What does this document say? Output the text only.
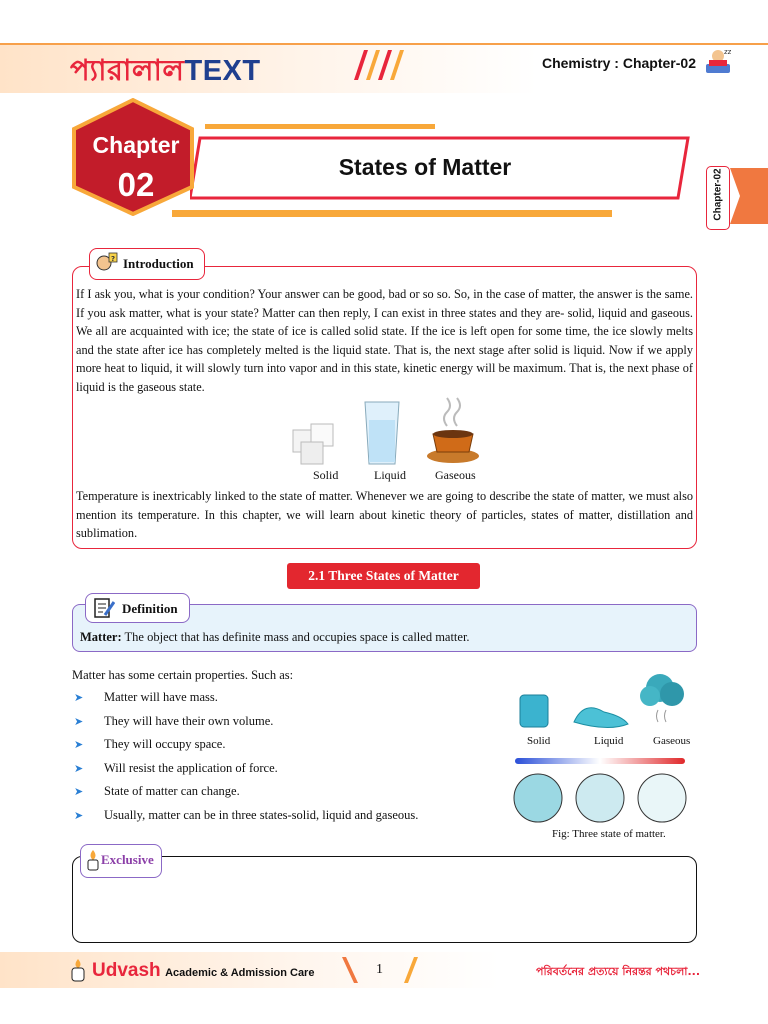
প্যারালালTEXT	Chemistry : Chapter-02
zz
Chapter
02	States of Matter
Chapter-02
? Introduction
If I ask you, what is your condition? Your answer can be good, bad or so so. So, in the case of matter, the answer is the same. If you ask matter, what is your state? Matter can then reply, I can exist in three states and they are- solid, liquid and gaseous. We all are acquainted with ice; the state of ice is called solid state. If the ice is left open for some time, the ice slowly melts and the state after ice has completely melted is the liquid state. That is, the next stage after solid is liquid. Now if we apply more heat to liquid, it will slowly turn into vapor and in this state, kinetic energy will be maximum. That is, the next phase of liquid is the gaseous state.
Solid	Liquid Gaseous
Temperature is inextricably linked to the state of matter. Whenever we are going to describe the state of matter, we must also mention its temperature. In this chapter, we will learn about kinetic theory of particles, states of matter, distillation and sublimation.
2.1 Three States of Matter
Definition
Matter: The object that has definite mass and occupies space is called matter.
Matter has some certain properties. Such as:
➤ Matter will have mass.
➤ They will have their own volume.
➤ They will occupy space.
➤ Will resist the application of force.
➤ State of matter can change.
➤ Usually, matter can be in three states-solid, liquid and gaseous.
Solid	Liquid	Gaseous
Fig: Three state of matter.
Exclusive
Udvash Academic & Admission Care	1	পরিবর্তনের প্রত্যয়ে নিরন্তর পথচলা...
